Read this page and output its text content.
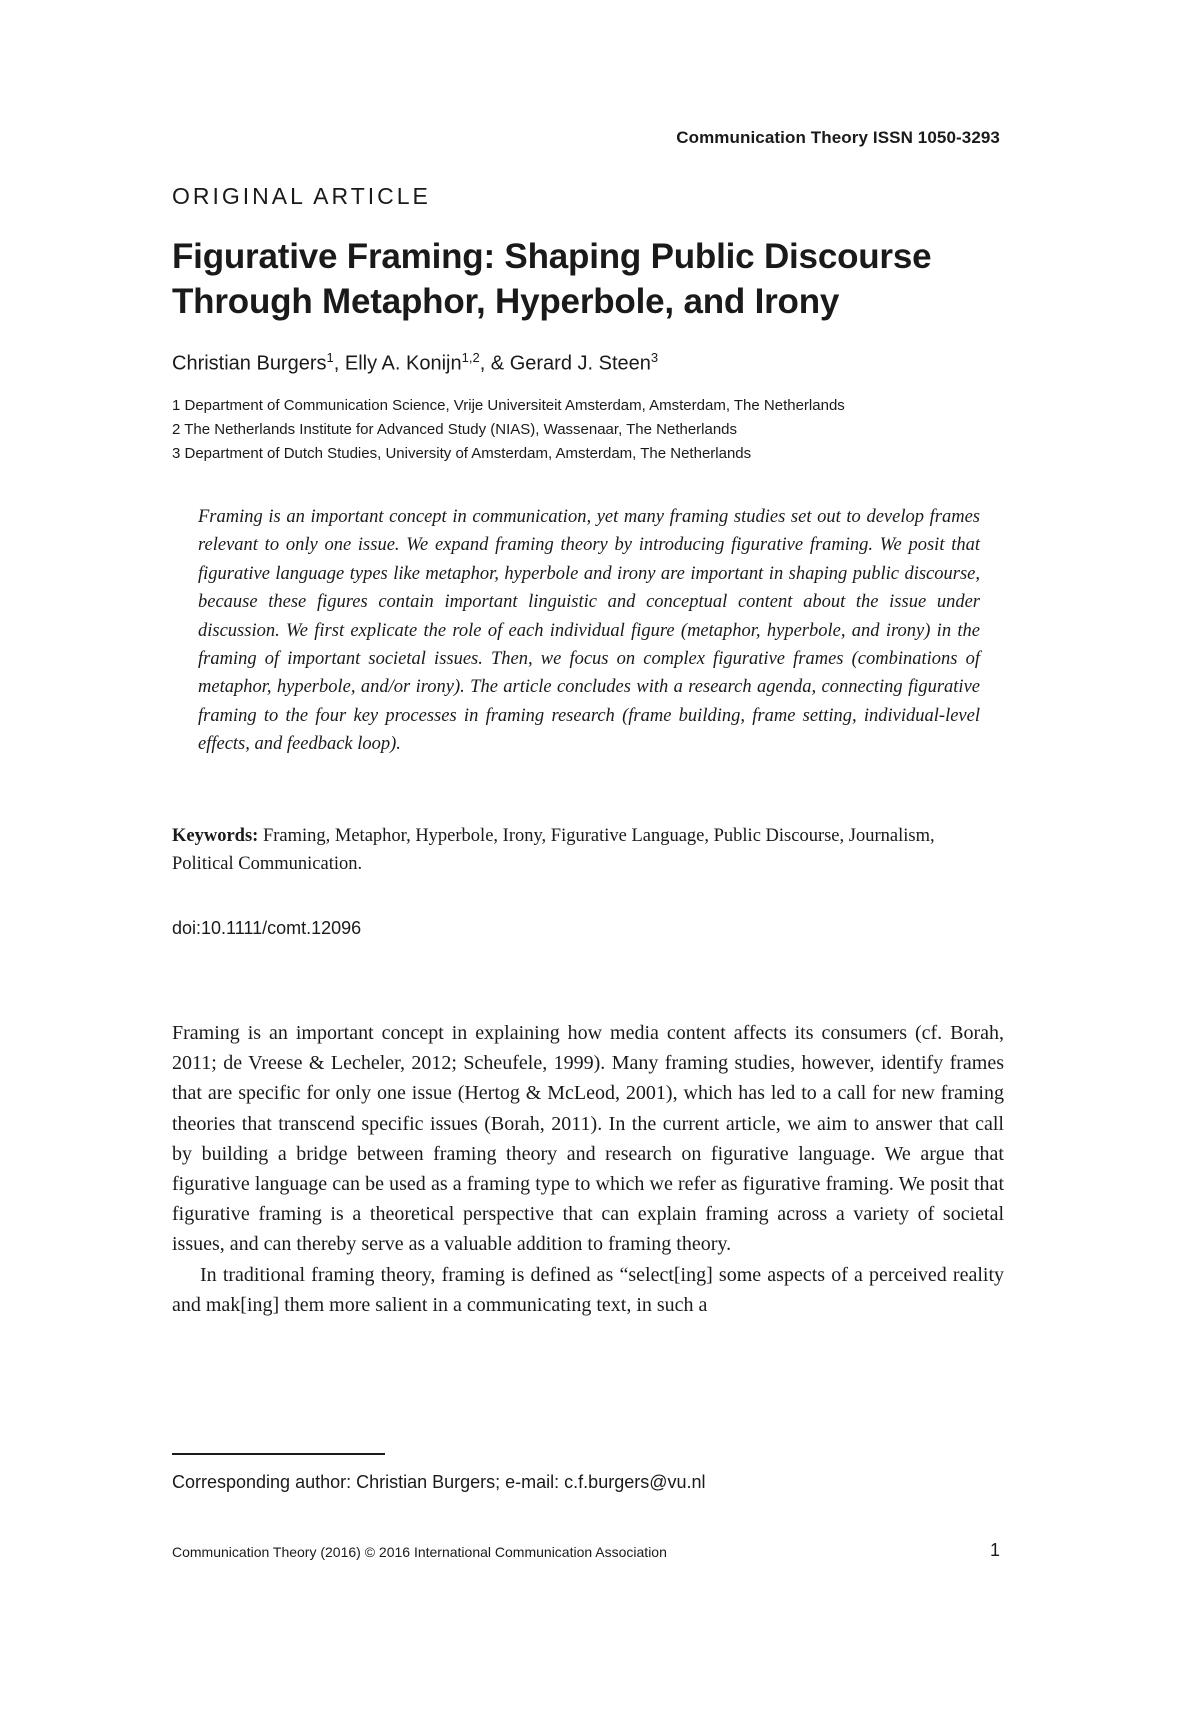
Communication Theory ISSN 1050-3293
ORIGINAL ARTICLE
Figurative Framing: Shaping Public Discourse Through Metaphor, Hyperbole, and Irony
Christian Burgers$^1$, Elly A. Konijn$^{1,2}$, & Gerard J. Steen$^3$
1 Department of Communication Science, Vrije Universiteit Amsterdam, Amsterdam, The Netherlands
2 The Netherlands Institute for Advanced Study (NIAS), Wassenaar, The Netherlands
3 Department of Dutch Studies, University of Amsterdam, Amsterdam, The Netherlands

Framing is an important concept in communication, yet many framing studies set out to develop frames relevant to only one issue. We expand framing theory by introducing figurative framing. We posit that figurative language types like metaphor, hyperbole and irony are important in shaping public discourse, because these figures contain important linguistic and conceptual content about the issue under discussion. We first explicate the role of each individual figure (metaphor, hyperbole, and irony) in the framing of important societal issues. Then, we focus on complex figurative frames (combinations of metaphor, hyperbole, and/or irony). The article concludes with a research agenda, connecting figurative framing to the four key processes in framing research (frame building, frame setting, individual-level effects, and feedback loop).

Keywords: Framing, Metaphor, Hyperbole, Irony, Figurative Language, Public Discourse, Journalism, Political Communication.

doi:10.1111/comt.12096

Framing is an important concept in explaining how media content affects its consumers (cf. Borah, 2011; de Vreese & Lecheler, 2012; Scheufele, 1999). Many framing studies, however, identify frames that are specific for only one issue (Hertog & McLeod, 2001), which has led to a call for new framing theories that transcend specific issues (Borah, 2011). In the current article, we aim to answer that call by building a bridge between framing theory and research on figurative language. We argue that figurative language can be used as a framing type to which we refer as figurative framing. We posit that figurative framing is a theoretical perspective that can explain framing across a variety of societal issues, and can thereby serve as a valuable addition to framing theory.

In traditional framing theory, framing is defined as “select[ing] some aspects of a perceived reality and mak[ing] them more salient in a communicating text, in such a

Corresponding author: Christian Burgers; e-mail: c.f.burgers@vu.nl
Communication Theory (2016) © 2016 International Communication Association	1
